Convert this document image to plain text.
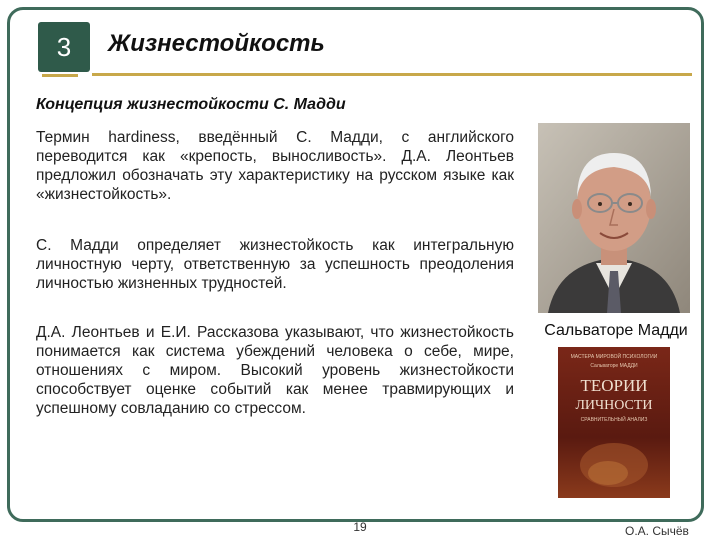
3 Жизнестойкость
Концепция жизнестойкости С. Мадди
Термин hardiness, введённый С. Мадди, с английского переводится как «крепость, выносливость». Д.А. Леонтьев предложил обозначать эту характеристику на русском языке как «жизнестойкость».
С. Мадди определяет жизнестойкость как интегральную личностную черту, ответственную за успешность преодоления личностью жизненных трудностей.
Д.А. Леонтьев и Е.И. Рассказова указывают, что жизнестойкость понимается как система убеждений человека о себе, мире, отношениях с миром. Высокий уровень жизнестойкости способствует оценке событий как менее травмирующих и успешному совладанию со стрессом.
Сальваторе Мадди
МАСТЕРА МИРОВОЙ ПСИХОЛОГИИ
Сальваторе МАДДИ
ТЕОРИИ
ЛИЧНОСТИ
СРАВНИТЕЛЬНЫЙ АНАЛИЗ
19	О.А. Сычёв
